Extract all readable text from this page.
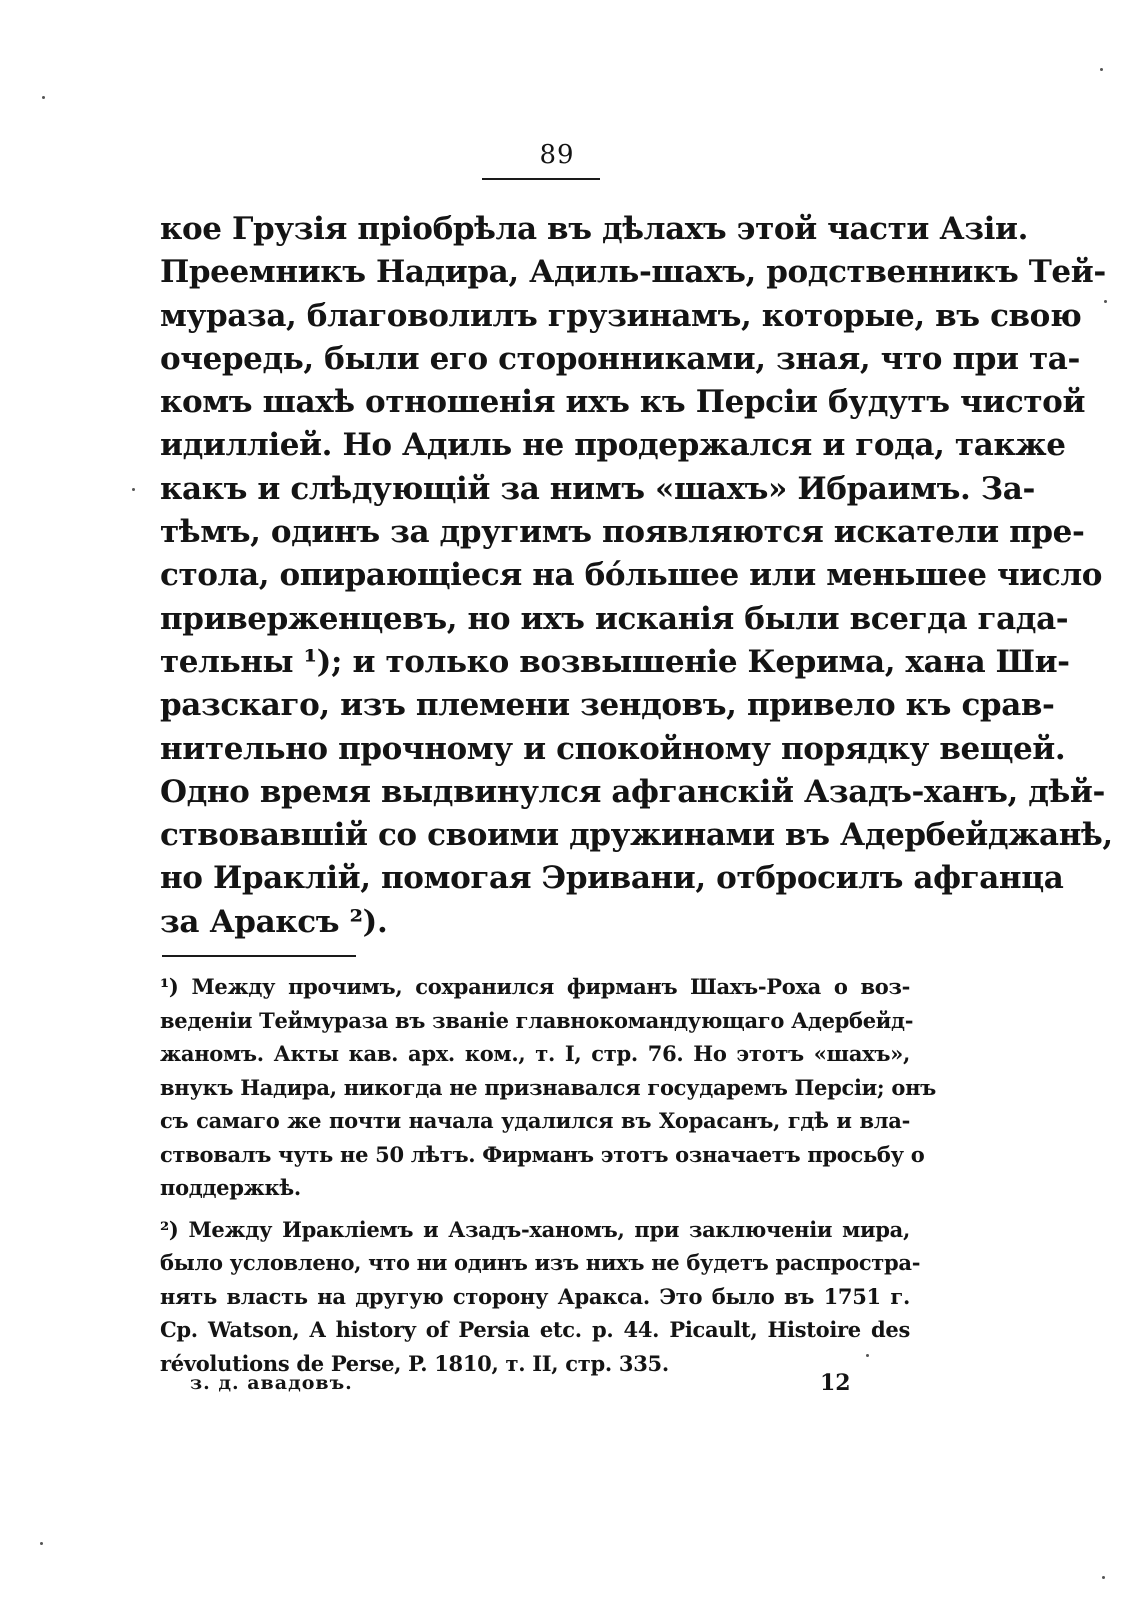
89
кое Грузія пріобрѣла въ дѣлахъ этой части Азіи.
Преемникъ Надира, Адиль-шахъ, родственникъ Тей-
муразa, благоволилъ грузинамъ, которые, въ свою
очередь, были его сторонниками, зная, что при та-
комъ шахѣ отношенія ихъ къ Персіи будутъ чистой
идилліей. Но Адиль не продержался и года, также
какъ и слѣдующій за нимъ «шахъ» Ибраимъ. За-
тѣмъ, одинъ за другимъ появляются искатели пре-
стола, опирающіеся на бóльшее или меньшее число
приверженцевъ, но ихъ исканія были всегда гада-
тельны ¹); и только возвышеніе Керима, хана Ши-
разскаго, изъ племени зендовъ, привело къ срав-
нительно прочному и спокойному порядку вещей.
Одно время выдвинулся афганскій Азадъ-ханъ, дѣй-
ствовавшій со своими дружинами въ Адербейджанѣ,
но Ираклій, помогая Эривани, отбросилъ афганца
за Араксъ ²).
¹) Между прочимъ, сохранился фирманъ Шахъ-Роха о воз-
веденіи Теймураза въ званіе главнокомандующаго Адербейд-
жаномъ. Акты кав. арх. ком., т. I, стр. 76. Но этотъ «шахъ»,
внукъ Надира, никогда не признавался государемъ Персіи; онъ
съ самаго же почти начала удалился въ Хорасанъ, гдѣ и вла-
ствовалъ чуть не 50 лѣтъ. Фирманъ этотъ означаетъ просьбу о
поддержкѣ.
²) Между Иракліемъ и Азадъ-ханомъ, при заключеніи мира,
было условлено, что ни одинъ изъ нихъ не будетъ распростра-
нять власть на другую сторону Аракса. Это было въ 1751 г.
Ср. Watson, A history of Persia etc. p. 44. Picault, Histoire des
révolutions de Perse, P. 1810, т. II, стр. 335.
з. д. авадовъ.	12
